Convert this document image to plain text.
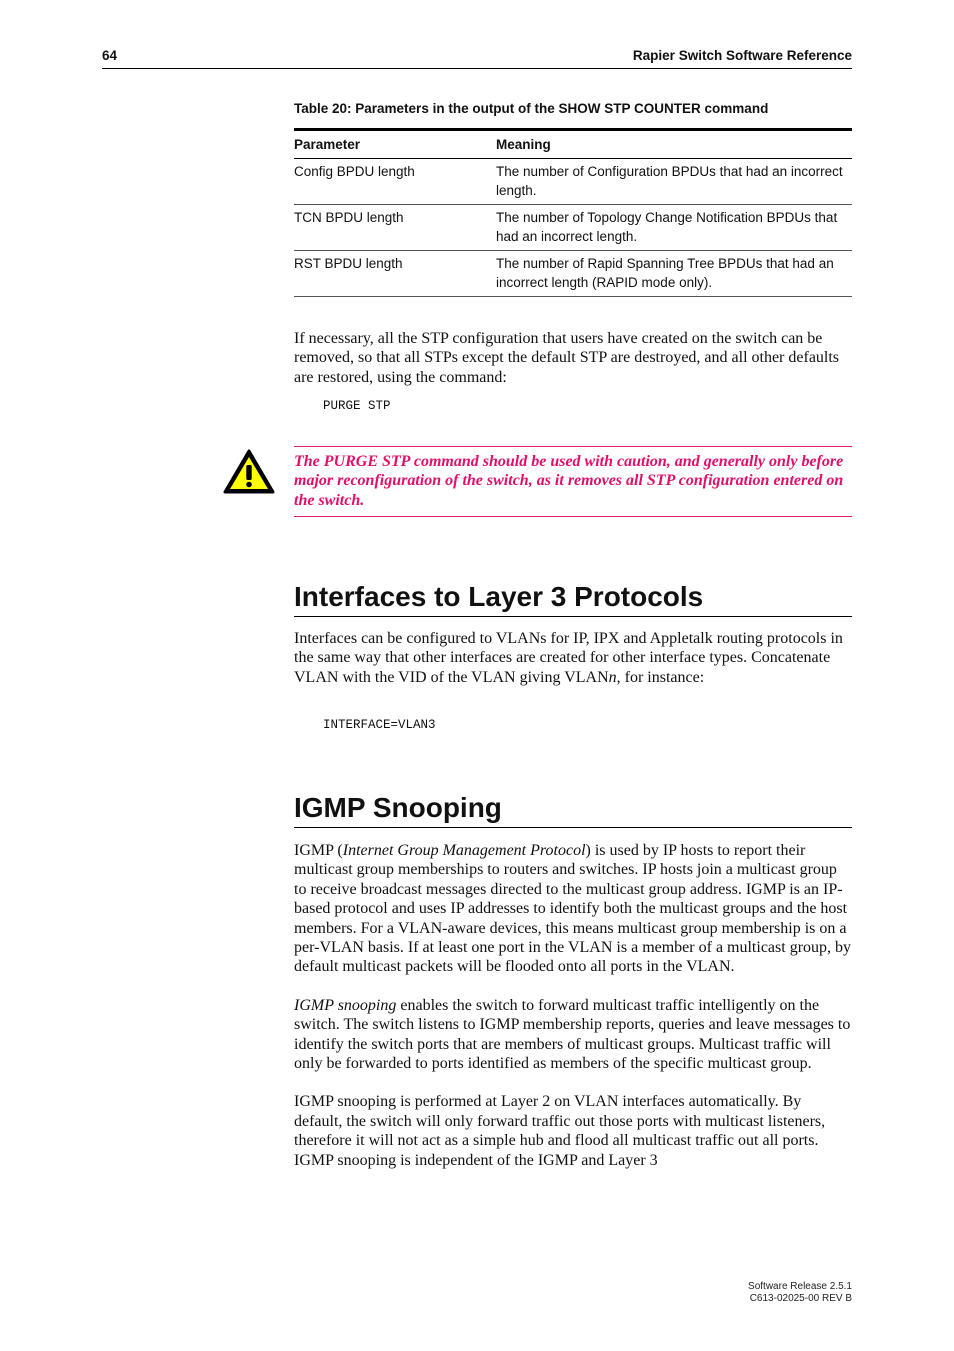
64	Rapier Switch Software Reference
Table 20: Parameters in the output of the SHOW STP COUNTER command
Parameter	Meaning
Config BPDU length	The number of Configuration BPDUs that had an incorrect length.
TCN BPDU length	The number of Topology Change Notification BPDUs that had an incorrect length.
RST BPDU length	The number of Rapid Spanning Tree BPDUs that had an incorrect length (RAPID mode only).

If necessary, all the STP configuration that users have created on the switch can be removed, so that all STPs except the default STP are destroyed, and all other defaults are restored, using the command:

PURGE STP

The PURGE STP command should be used with caution, and generally only before major reconfiguration of the switch, as it removes all STP configuration entered on the switch.

Interfaces to Layer 3 Protocols

Interfaces can be configured to VLANs for IP, IPX and Appletalk routing protocols in the same way that other interfaces are created for other interface types. Concatenate VLAN with the VID of the VLAN giving VLANn, for instance:

INTERFACE=VLAN3
IGMP Snooping

IGMP (Internet Group Management Protocol) is used by IP hosts to report their multicast group memberships to routers and switches. IP hosts join a multicast group to receive broadcast messages directed to the multicast group address. IGMP is an IP-based protocol and uses IP addresses to identify both the multicast groups and the host members. For a VLAN-aware devices, this means multicast group membership is on a per-VLAN basis. If at least one port in the VLAN is a member of a multicast group, by default multicast packets will be flooded onto all ports in the VLAN.

IGMP snooping enables the switch to forward multicast traffic intelligently on the switch. The switch listens to IGMP membership reports, queries and leave messages to identify the switch ports that are members of multicast groups. Multicast traffic will only be forwarded to ports identified as members of the specific multicast group.

IGMP snooping is performed at Layer 2 on VLAN interfaces automatically. By default, the switch will only forward traffic out those ports with multicast listeners, therefore it will not act as a simple hub and flood all multicast traffic out all ports. IGMP snooping is independent of the IGMP and Layer 3

Software Release 2.5.1
C613-02025-00 REV B
